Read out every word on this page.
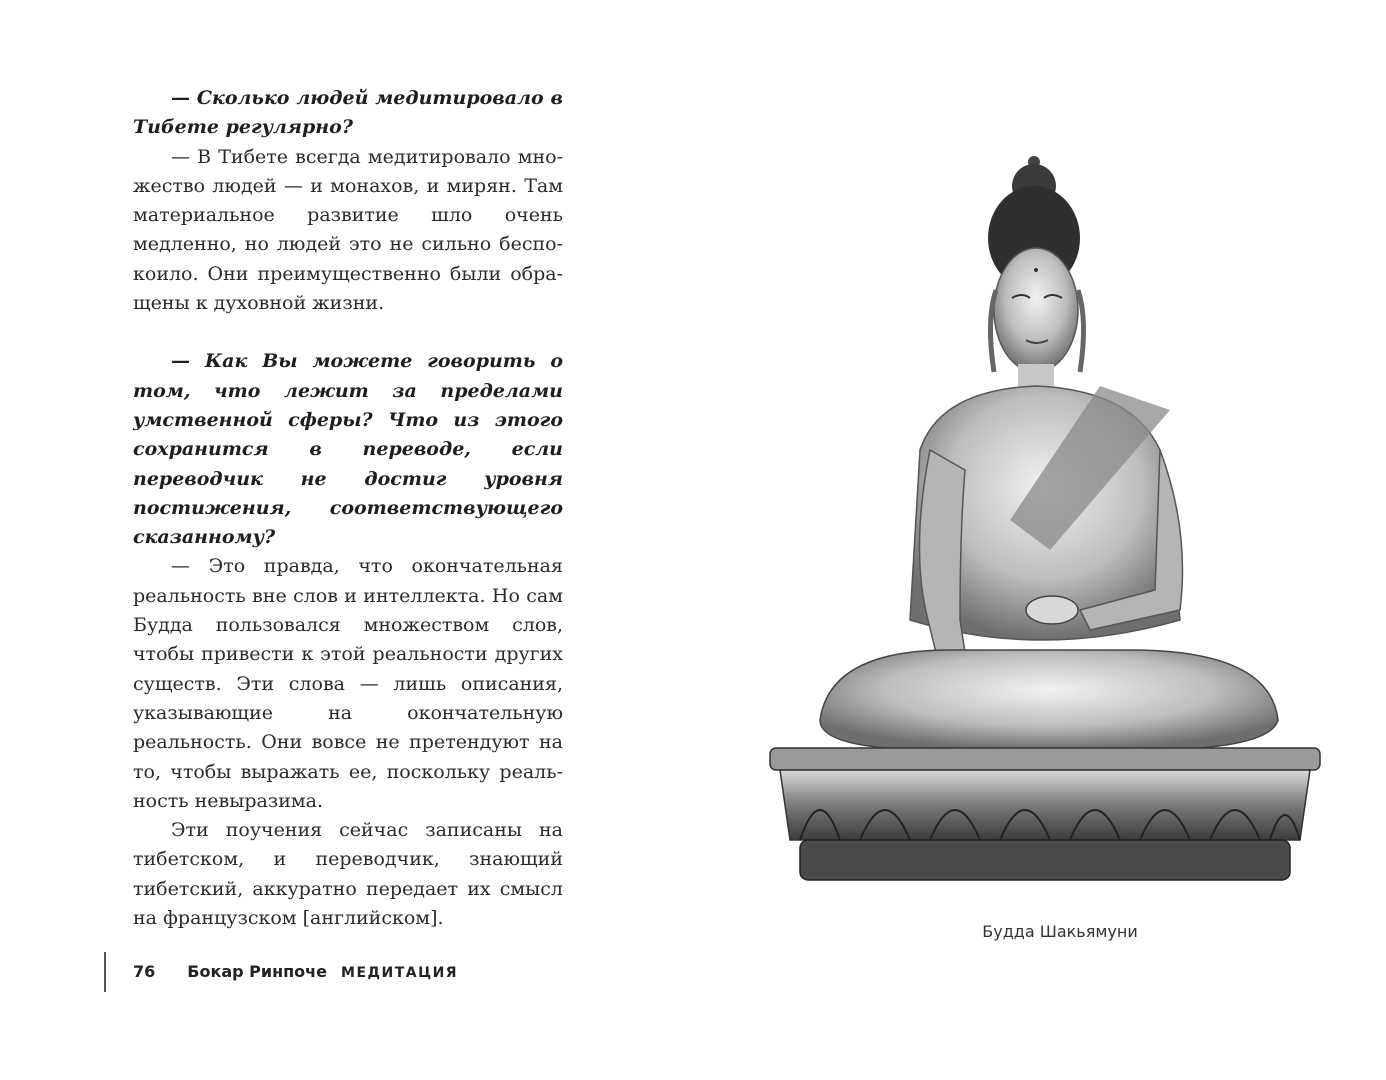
— Сколько людей медитировало в Тибете регулярно?

— В Тибете всегда медитировало множество людей — и монахов, и мирян. Там материальное развитие шло очень медленно, но людей это не сильно беспокоило. Они преимущественно были обращены к духовной жизни.

— Как Вы можете говорить о том, что лежит за пределами умственной сферы? Что из этого сохранится в переводе, если переводчик не достиг уровня постижения, соответствующего сказанному?

— Это правда, что окончательная реальность вне слов и интеллекта. Но сам Будда пользовался множеством слов, чтобы привести к этой реальности других существ. Эти слова — лишь описания, указывающие на окончательную реальность. Они вовсе не претендуют на то, чтобы выражать ее, поскольку реальность невыразима.

Эти поучения сейчас записаны на тибетском, и переводчик, знающий тибетский, аккуратно передает их смысл на французском [английском].

76 Бокар Ринпоче МЕДИТАЦИЯ
Будда Шакьямуни
